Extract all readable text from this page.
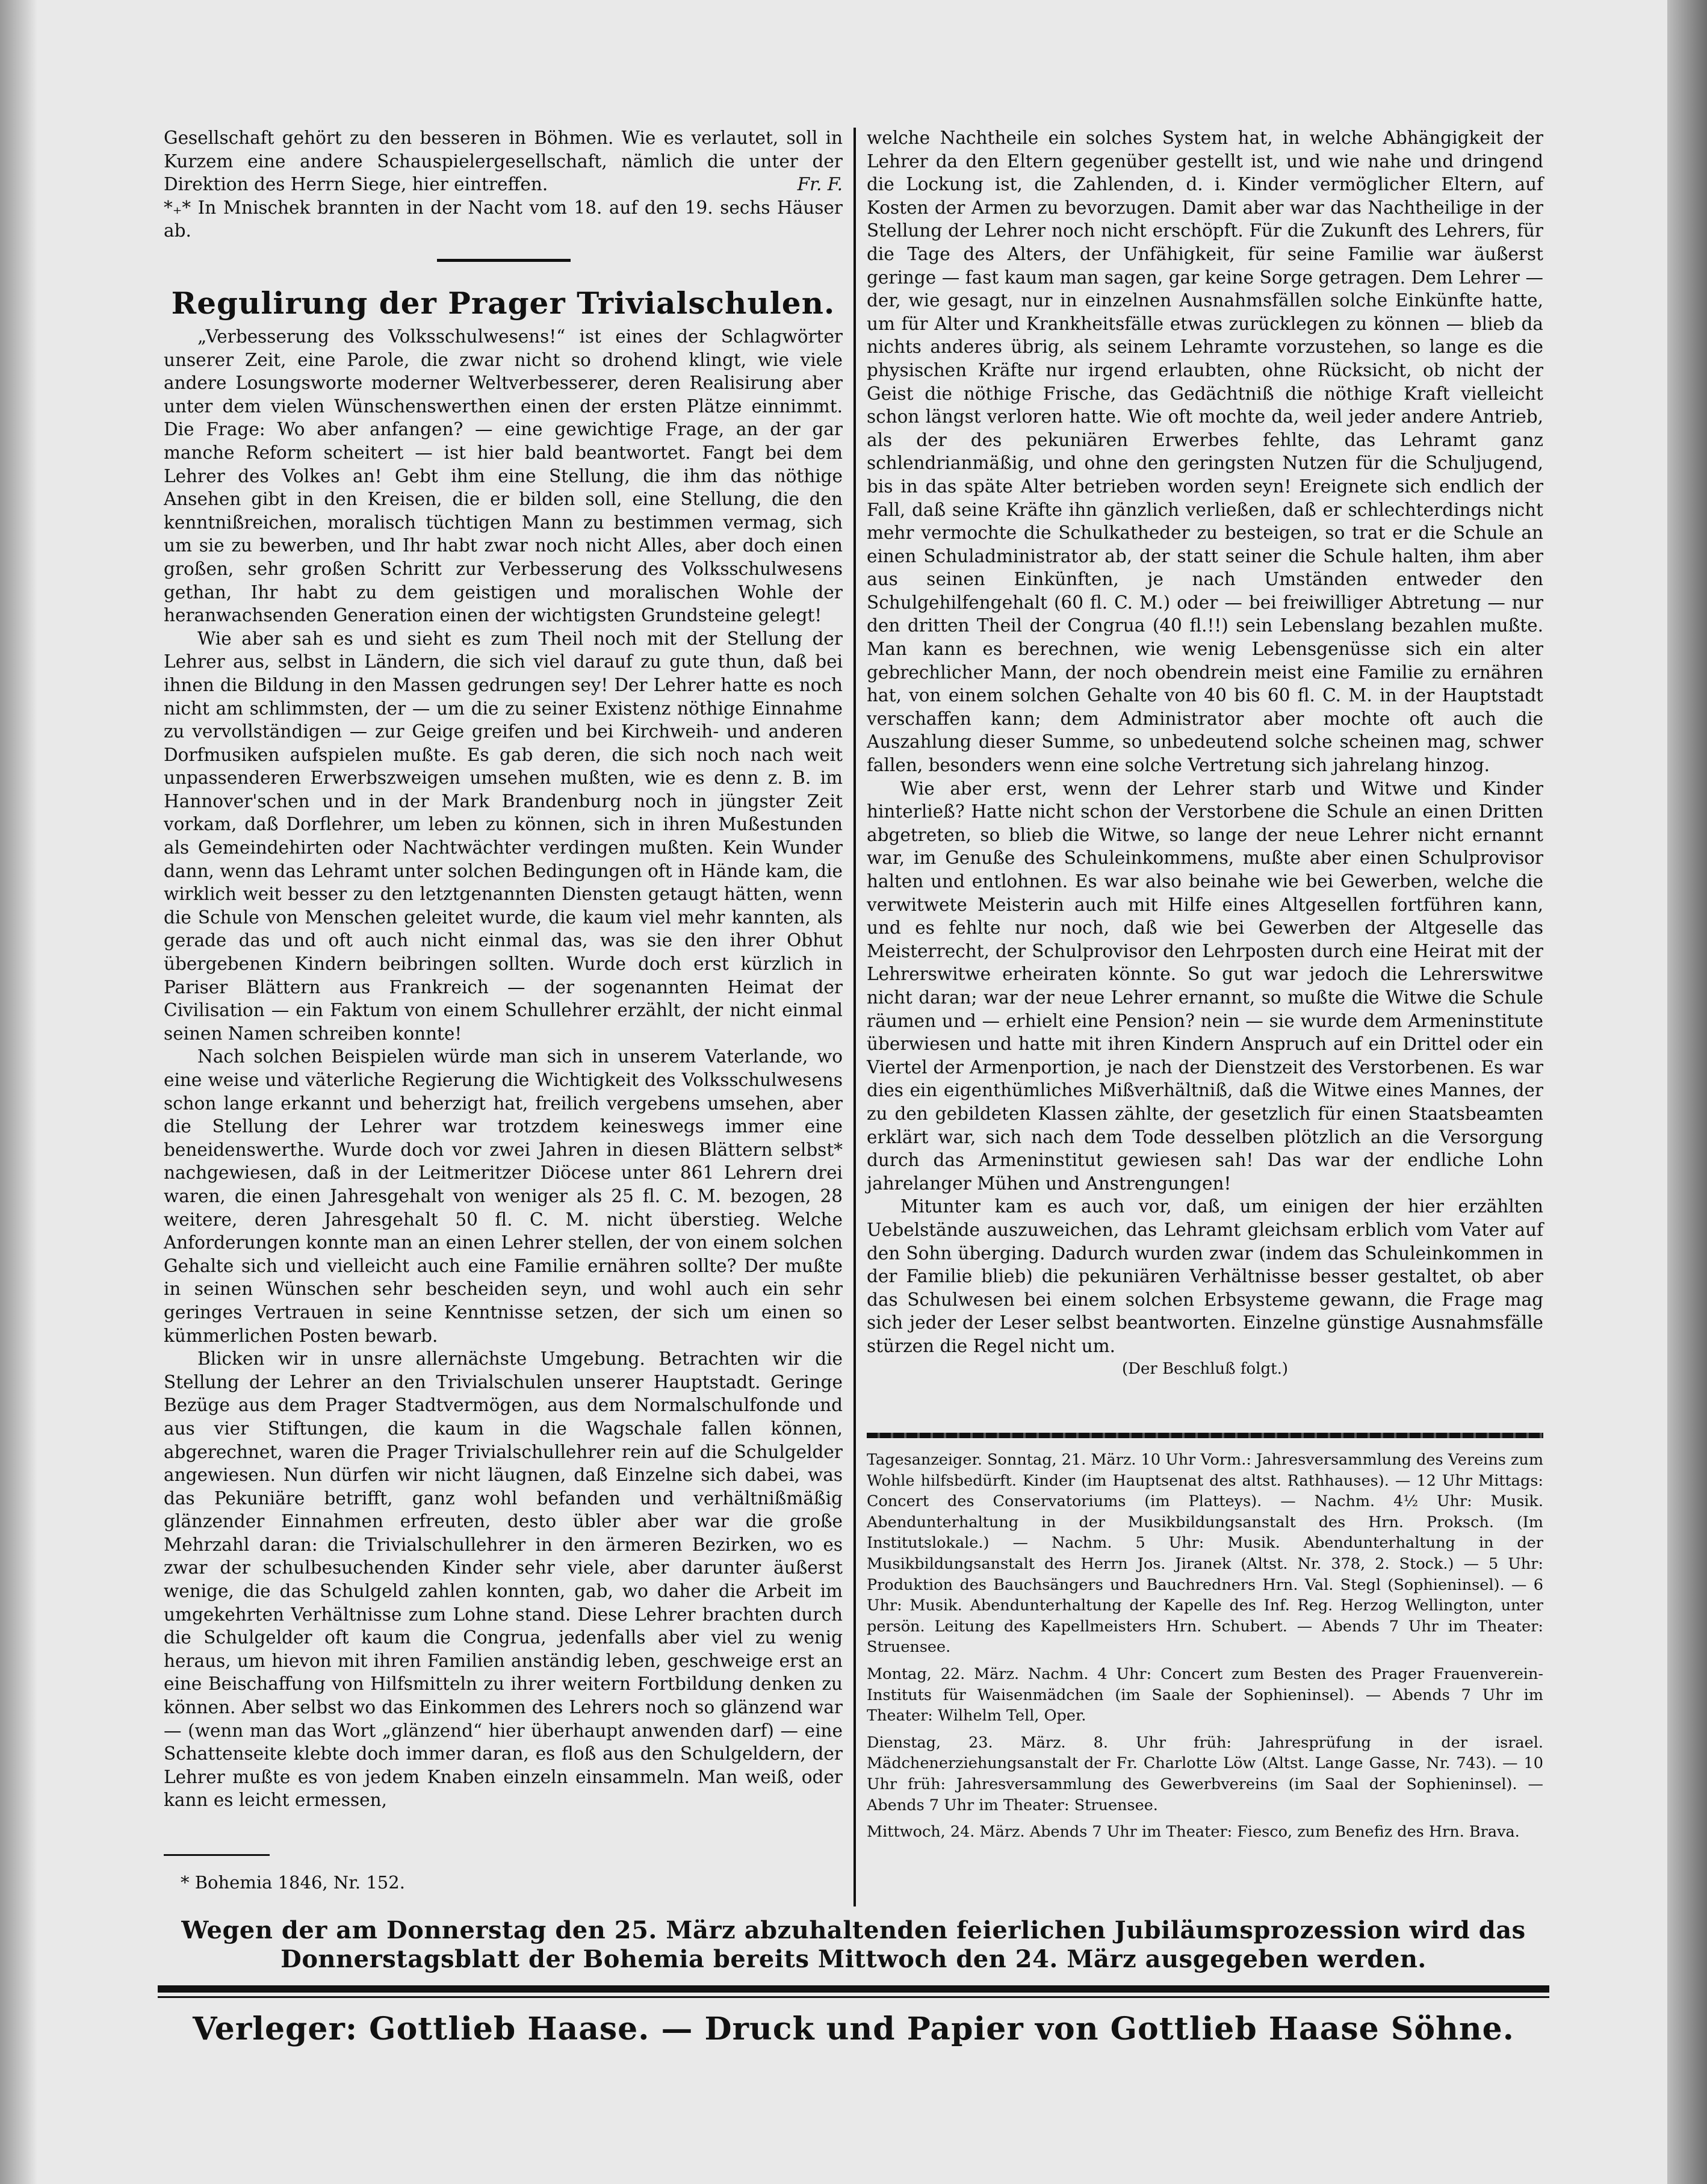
Gesellschaft gehört zu den besseren in Böhmen. Wie es verlautet, soll in Kurzem eine andere Schauspielergesellschaft, nämlich die unter der Direktion des Herrn Siege, hier eintreffen.	Fr. F.

*₊* In Mnischek brannten in der Nacht vom 18. auf den 19. sechs Häuser ab.

Regulirung der Prager Trivialschulen.

„Verbesserung des Volksschulwesens!“ ist eines der Schlagwörter unserer Zeit, eine Parole, die zwar nicht so drohend klingt, wie viele andere Losungsworte moderner Weltverbesserer, deren Realisirung aber unter dem vielen Wünschenswerthen einen der ersten Plätze einnimmt. Die Frage: Wo aber anfangen? — eine gewichtige Frage, an der gar manche Reform scheitert — ist hier bald beantwortet. Fangt bei dem Lehrer des Volkes an! Gebt ihm eine Stellung, die ihm das nöthige Ansehen gibt in den Kreisen, die er bilden soll, eine Stellung, die den kenntnißreichen, moralisch tüchtigen Mann zu bestimmen vermag, sich um sie zu bewerben, und Ihr habt zwar noch nicht Alles, aber doch einen großen, sehr großen Schritt zur Verbesserung des Volksschulwesens gethan, Ihr habt zu dem geistigen und moralischen Wohle der heranwachsenden Generation einen der wichtigsten Grundsteine gelegt!

Wie aber sah es und sieht es zum Theil noch mit der Stellung der Lehrer aus, selbst in Ländern, die sich viel darauf zu gute thun, daß bei ihnen die Bildung in den Massen gedrungen sey! Der Lehrer hatte es noch nicht am schlimmsten, der — um die zu seiner Existenz nöthige Einnahme zu vervollständigen — zur Geige greifen und bei Kirchweih- und anderen Dorfmusiken aufspielen mußte. Es gab deren, die sich noch nach weit unpassenderen Erwerbszweigen umsehen mußten, wie es denn z. B. im Hannover'schen und in der Mark Brandenburg noch in jüngster Zeit vorkam, daß Dorflehrer, um leben zu können, sich in ihren Mußestunden als Gemeindehirten oder Nachtwächter verdingen mußten. Kein Wunder dann, wenn das Lehramt unter solchen Bedingungen oft in Hände kam, die wirklich weit besser zu den letztgenannten Diensten getaugt hätten, wenn die Schule von Menschen geleitet wurde, die kaum viel mehr kannten, als gerade das und oft auch nicht einmal das, was sie den ihrer Obhut übergebenen Kindern beibringen sollten. Wurde doch erst kürzlich in Pariser Blättern aus Frankreich — der sogenannten Heimat der Civilisation — ein Faktum von einem Schullehrer erzählt, der nicht einmal seinen Namen schreiben konnte!

Nach solchen Beispielen würde man sich in unserem Vaterlande, wo eine weise und väterliche Regierung die Wichtigkeit des Volksschulwesens schon lange erkannt und beherzigt hat, freilich vergebens umsehen, aber die Stellung der Lehrer war trotzdem keineswegs immer eine beneidenswerthe. Wurde doch vor zwei Jahren in diesen Blättern selbst* nachgewiesen, daß in der Leitmeritzer Diöcese unter 861 Lehrern drei waren, die einen Jahresgehalt von weniger als 25 fl. C. M. bezogen, 28 weitere, deren Jahresgehalt 50 fl. C. M. nicht überstieg. Welche Anforderungen konnte man an einen Lehrer stellen, der von einem solchen Gehalte sich und vielleicht auch eine Familie ernähren sollte? Der mußte in seinen Wünschen sehr bescheiden seyn, und wohl auch ein sehr geringes Vertrauen in seine Kenntnisse setzen, der sich um einen so kümmerlichen Posten bewarb.

Blicken wir in unsre allernächste Umgebung. Betrachten wir die Stellung der Lehrer an den Trivialschulen unserer Hauptstadt. Geringe Bezüge aus dem Prager Stadtvermögen, aus dem Normalschulfonde und aus vier Stiftungen, die kaum in die Wagschale fallen können, abgerechnet, waren die Prager Trivialschullehrer rein auf die Schulgelder angewiesen. Nun dürfen wir nicht läugnen, daß Einzelne sich dabei, was das Pekuniäre betrifft, ganz wohl befanden und verhältnißmäßig glänzender Einnahmen erfreuten, desto übler aber war die große Mehrzahl daran: die Trivialschullehrer in den ärmeren Bezirken, wo es zwar der schulbesuchenden Kinder sehr viele, aber darunter äußerst wenige, die das Schulgeld zahlen konnten, gab, wo daher die Arbeit im umgekehrten Verhältnisse zum Lohne stand. Diese Lehrer brachten durch die Schulgelder oft kaum die Congrua, jedenfalls aber viel zu wenig heraus, um hievon mit ihren Familien anständig leben, geschweige erst an eine Beischaffung von Hilfsmitteln zu ihrer weitern Fortbildung denken zu können. Aber selbst wo das Einkommen des Lehrers noch so glänzend war — (wenn man das Wort „glänzend“ hier überhaupt anwenden darf) — eine Schattenseite klebte doch immer daran, es floß aus den Schulgeldern, der Lehrer mußte es von jedem Knaben einzeln einsammeln. Man weiß, oder kann es leicht ermessen,

* Bohemia 1846, Nr. 152.

welche Nachtheile ein solches System hat, in welche Abhängigkeit der Lehrer da den Eltern gegenüber gestellt ist, und wie nahe und dringend die Lockung ist, die Zahlenden, d. i. Kinder vermöglicher Eltern, auf Kosten der Armen zu bevorzugen. Damit aber war das Nachtheilige in der Stellung der Lehrer noch nicht erschöpft. Für die Zukunft des Lehrers, für die Tage des Alters, der Unfähigkeit, für seine Familie war äußerst geringe — fast kaum man sagen, gar keine Sorge getragen. Dem Lehrer — der, wie gesagt, nur in einzelnen Ausnahmsfällen solche Einkünfte hatte, um für Alter und Krankheitsfälle etwas zurücklegen zu können — blieb da nichts anderes übrig, als seinem Lehramte vorzustehen, so lange es die physischen Kräfte nur irgend erlaubten, ohne Rücksicht, ob nicht der Geist die nöthige Frische, das Gedächtniß die nöthige Kraft vielleicht schon längst verloren hatte. Wie oft mochte da, weil jeder andere Antrieb, als der des pekuniären Erwerbes fehlte, das Lehramt ganz schlendrianmäßig, und ohne den geringsten Nutzen für die Schuljugend, bis in das späte Alter betrieben worden seyn! Ereignete sich endlich der Fall, daß seine Kräfte ihn gänzlich verließen, daß er schlechterdings nicht mehr vermochte die Schulkatheder zu besteigen, so trat er die Schule an einen Schuladministrator ab, der statt seiner die Schule halten, ihm aber aus seinen Einkünften, je nach Umständen entweder den Schulgehilfengehalt (60 fl. C. M.) oder — bei freiwilliger Abtretung — nur den dritten Theil der Congrua (40 fl.!!) sein Lebenslang bezahlen mußte. Man kann es berechnen, wie wenig Lebensgenüsse sich ein alter gebrechlicher Mann, der noch obendrein meist eine Familie zu ernähren hat, von einem solchen Gehalte von 40 bis 60 fl. C. M. in der Hauptstadt verschaffen kann; dem Administrator aber mochte oft auch die Auszahlung dieser Summe, so unbedeutend solche scheinen mag, schwer fallen, besonders wenn eine solche Vertretung sich jahrelang hinzog.

Wie aber erst, wenn der Lehrer starb und Witwe und Kinder hinterließ? Hatte nicht schon der Verstorbene die Schule an einen Dritten abgetreten, so blieb die Witwe, so lange der neue Lehrer nicht ernannt war, im Genuße des Schuleinkommens, mußte aber einen Schulprovisor halten und entlohnen. Es war also beinahe wie bei Gewerben, welche die verwitwete Meisterin auch mit Hilfe eines Altgesellen fortführen kann, und es fehlte nur noch, daß wie bei Gewerben der Altgeselle das Meisterrecht, der Schulprovisor den Lehrposten durch eine Heirat mit der Lehrerswitwe erheiraten könnte. So gut war jedoch die Lehrerswitwe nicht daran; war der neue Lehrer ernannt, so mußte die Witwe die Schule räumen und — erhielt eine Pension? nein — sie wurde dem Armeninstitute überwiesen und hatte mit ihren Kindern Anspruch auf ein Drittel oder ein Viertel der Armenportion, je nach der Dienstzeit des Verstorbenen. Es war dies ein eigenthümliches Mißverhältniß, daß die Witwe eines Mannes, der zu den gebildeten Klassen zählte, der gesetzlich für einen Staatsbeamten erklärt war, sich nach dem Tode desselben plötzlich an die Versorgung durch das Armeninstitut gewiesen sah! Das war der endliche Lohn jahrelanger Mühen und Anstrengungen!

Mitunter kam es auch vor, daß, um einigen der hier erzählten Uebelstände auszuweichen, das Lehramt gleichsam erblich vom Vater auf den Sohn überging. Dadurch wurden zwar (indem das Schuleinkommen in der Familie blieb) die pekuniären Verhältnisse besser gestaltet, ob aber das Schulwesen bei einem solchen Erbsysteme gewann, die Frage mag sich jeder der Leser selbst beantworten. Einzelne günstige Ausnahmsfälle stürzen die Regel nicht um.

(Der Beschluß folgt.)

Tagesanzeiger. Sonntag, 21. März. 10 Uhr Vorm.: Jahresversammlung des Vereins zum Wohle hilfsbedürft. Kinder (im Hauptsenat des altst. Rathhauses). — 12 Uhr Mittags: Concert des Conservatoriums (im Platteys). — Nachm. 4½ Uhr: Musik. Abendunterhaltung in der Musikbildungsanstalt des Hrn. Proksch. (Im Institutslokale.) — Nachm. 5 Uhr: Musik. Abendunterhaltung in der Musikbildungsanstalt des Herrn Jos. Jiranek (Altst. Nr. 378, 2. Stock.) — 5 Uhr: Produktion des Bauchsängers und Bauchredners Hrn. Val. Stegl (Sophieninsel). — 6 Uhr: Musik. Abendunterhaltung der Kapelle des Inf. Reg. Herzog Wellington, unter persön. Leitung des Kapellmeisters Hrn. Schubert. — Abends 7 Uhr im Theater: Struensee.

Montag, 22. März. Nachm. 4 Uhr: Concert zum Besten des Prager Frauenverein-Instituts für Waisenmädchen (im Saale der Sophieninsel). — Abends 7 Uhr im Theater: Wilhelm Tell, Oper.

Dienstag, 23. März. 8. Uhr früh: Jahresprüfung in der israel. Mädchenerziehungsanstalt der Fr. Charlotte Löw (Altst. Lange Gasse, Nr. 743). — 10 Uhr früh: Jahresversammlung des Gewerbvereins (im Saal der Sophieninsel). — Abends 7 Uhr im Theater: Struensee.

Mittwoch, 24. März. Abends 7 Uhr im Theater: Fiesco, zum Benefiz des Hrn. Brava.

Wegen der am Donnerstag den 25. März abzuhaltenden feierlichen Jubiläumsprozession wird das Donnerstagsblatt der Bohemia bereits Mittwoch den 24. März ausgegeben werden.
Verleger: Gottlieb Haase. — Druck und Papier von Gottlieb Haase Söhne.
